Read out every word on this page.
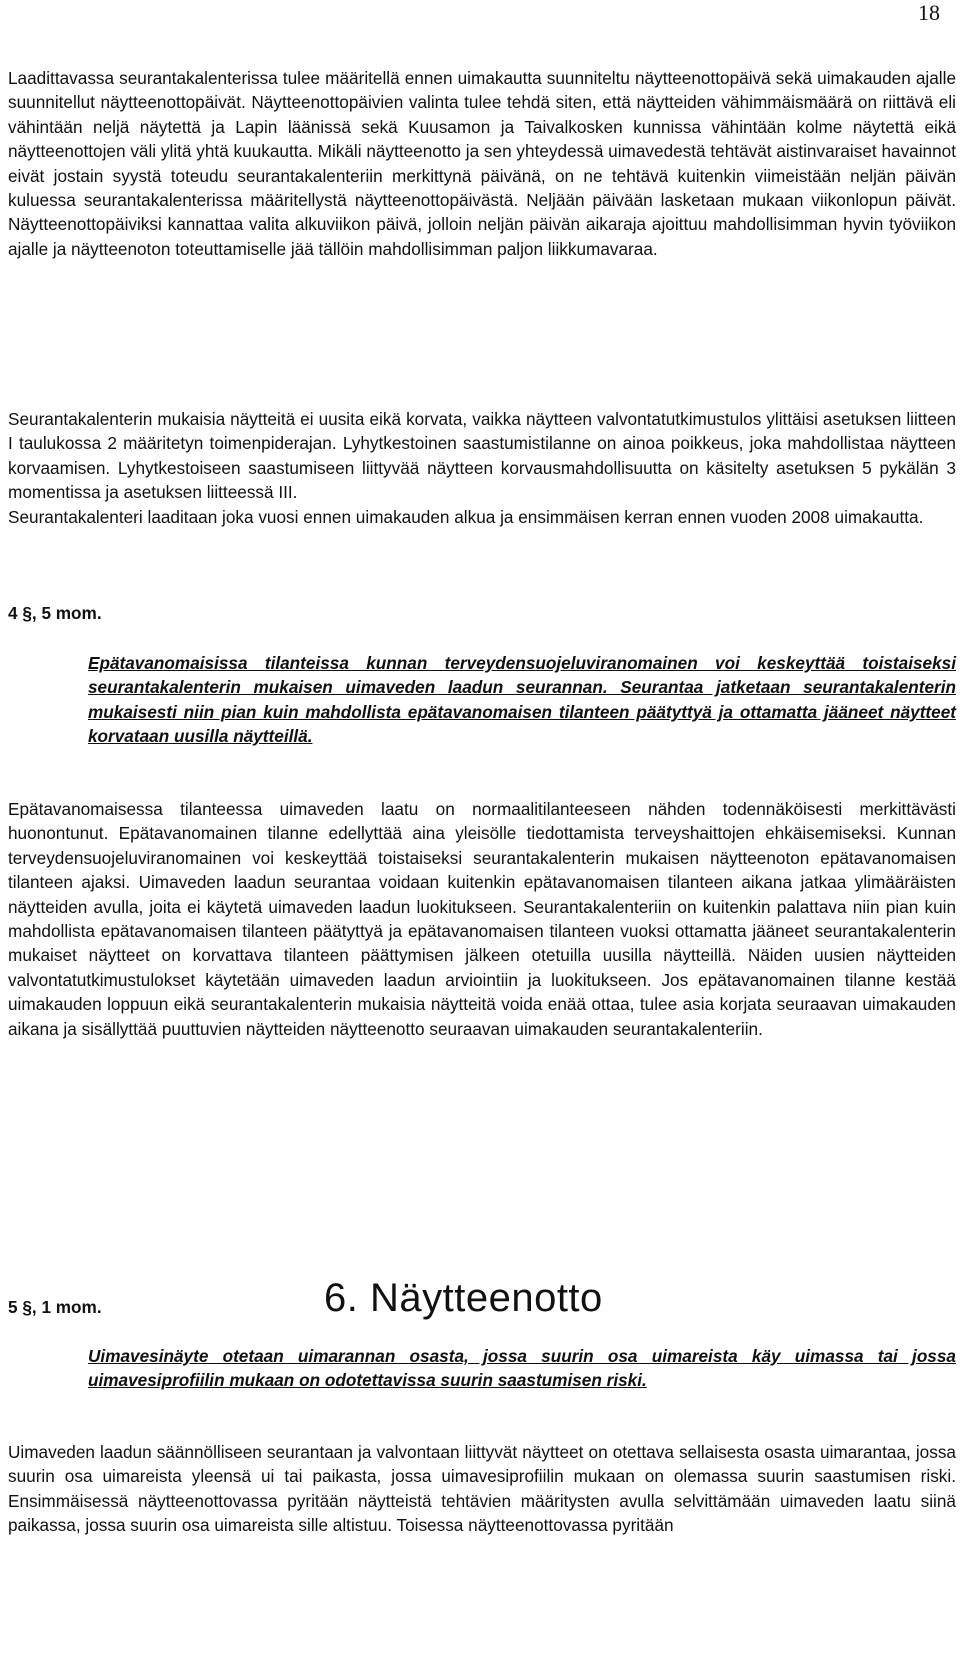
18

Laadittavassa seurantakalenterissa tulee määritellä ennen uimakautta suunniteltu näytteenottopäivä sekä uimakauden ajalle suunnitellut näytteenottopäivät. Näytteenottopäivien valinta tulee tehdä siten, että näytteiden vähimmäismäärä on riittävä eli vähintään neljä näytettä ja Lapin läänissä sekä Kuusamon ja Taivalkosken kunnissa vähintään kolme näytettä eikä näytteenottojen väli ylitä yhtä kuukautta. Mikäli näytteenotto ja sen yhteydessä uimavedestä tehtävät aistinvaraiset havainnot eivät jostain syystä toteudu seurantakalenteriin merkittynä päivänä, on ne tehtävä kuitenkin viimeistään neljän päivän kuluessa seurantakalenterissa määritellystä näytteenottopäivästä. Neljään päivään lasketaan mukaan viikonlopun päivät. Näytteenottopäiviksi kannattaa valita alkuviikon päivä, jolloin neljän päivän aikaraja ajoittuu mahdollisimman hyvin työviikon ajalle ja näytteenoton toteuttamiselle jää tällöin mahdollisimman paljon liikkumavaraa.

Seurantakalenterin mukaisia näytteitä ei uusita eikä korvata, vaikka näytteen valvontatutkimustulos ylittäisi asetuksen liitteen I taulukossa 2 määritetyn toimenpiderajan. Lyhytkestoinen saastumistilanne on ainoa poikkeus, joka mahdollistaa näytteen korvaamisen. Lyhytkestoiseen saastumiseen liittyvää näytteen korvausmahdollisuutta on käsitelty asetuksen 5 pykälän 3 momentissa ja asetuksen liitteessä III.

Seurantakalenteri laaditaan joka vuosi ennen uimakauden alkua ja ensimmäisen kerran ennen vuoden 2008 uimakautta.

4 §, 5 mom.

Epätavanomaisissa tilanteissa kunnan terveydensuojeluviranomainen voi keskeyttää toistaiseksi seurantakalenterin mukaisen uimaveden laadun seurannan. Seurantaa jatketaan seurantakalenterin mukaisesti niin pian kuin mahdollista epätavanomaisen tilanteen päätyttyä ja ottamatta jääneet näytteet korvataan uusilla näytteillä.

Epätavanomaisessa tilanteessa uimaveden laatu on normaalitilanteeseen nähden todennäköisesti merkittävästi huonontunut. Epätavanomainen tilanne edellyttää aina yleisölle tiedottamista terveyshaittojen ehkäisemiseksi. Kunnan terveydensuojeluviranomainen voi keskeyttää toistaiseksi seurantakalenterin mukaisen näytteenoton epätavanomaisen tilanteen ajaksi. Uimaveden laadun seurantaa voidaan kuitenkin epätavanomaisen tilanteen aikana jatkaa ylimääräisten näytteiden avulla, joita ei käytetä uimaveden laadun luokitukseen. Seurantakalenteriin on kuitenkin palattava niin pian kuin mahdollista epätavanomaisen tilanteen päätyttyä ja epätavanomaisen tilanteen vuoksi ottamatta jääneet seurantakalenterin mukaiset näytteet on korvattava tilanteen päättymisen jälkeen otetuilla uusilla näytteillä. Näiden uusien näytteiden valvontatutkimustulokset käytetään uimaveden laadun arviointiin ja luokitukseen. Jos epätavanomainen tilanne kestää uimakauden loppuun eikä seurantakalenterin mukaisia näytteitä voida enää ottaa, tulee asia korjata seuraavan uimakauden aikana ja sisällyttää puuttuvien näytteiden näytteenotto seuraavan uimakauden seurantakalenteriin.

6. Näytteenotto

5 §, 1 mom.

Uimavesinäyte otetaan uimarannan osasta, jossa suurin osa uimareista käy uimassa tai jossa uimavesiprofiilin mukaan on odotettavissa suurin saastumisen riski.

Uimaveden laadun säännölliseen seurantaan ja valvontaan liittyvät näytteet on otettava sellaisesta osasta uimarantaa, jossa suurin osa uimareista yleensä ui tai paikasta, jossa uimavesiprofiilin mukaan on olemassa suurin saastumisen riski. Ensimmäisessä näytteenottovassa pyritään näytteistä tehtävien määritysten avulla selvittämään uimaveden laatu siinä paikassa, jossa suurin osa uimareista sille altistuu. Toisessa näytteenottovassa pyritään
